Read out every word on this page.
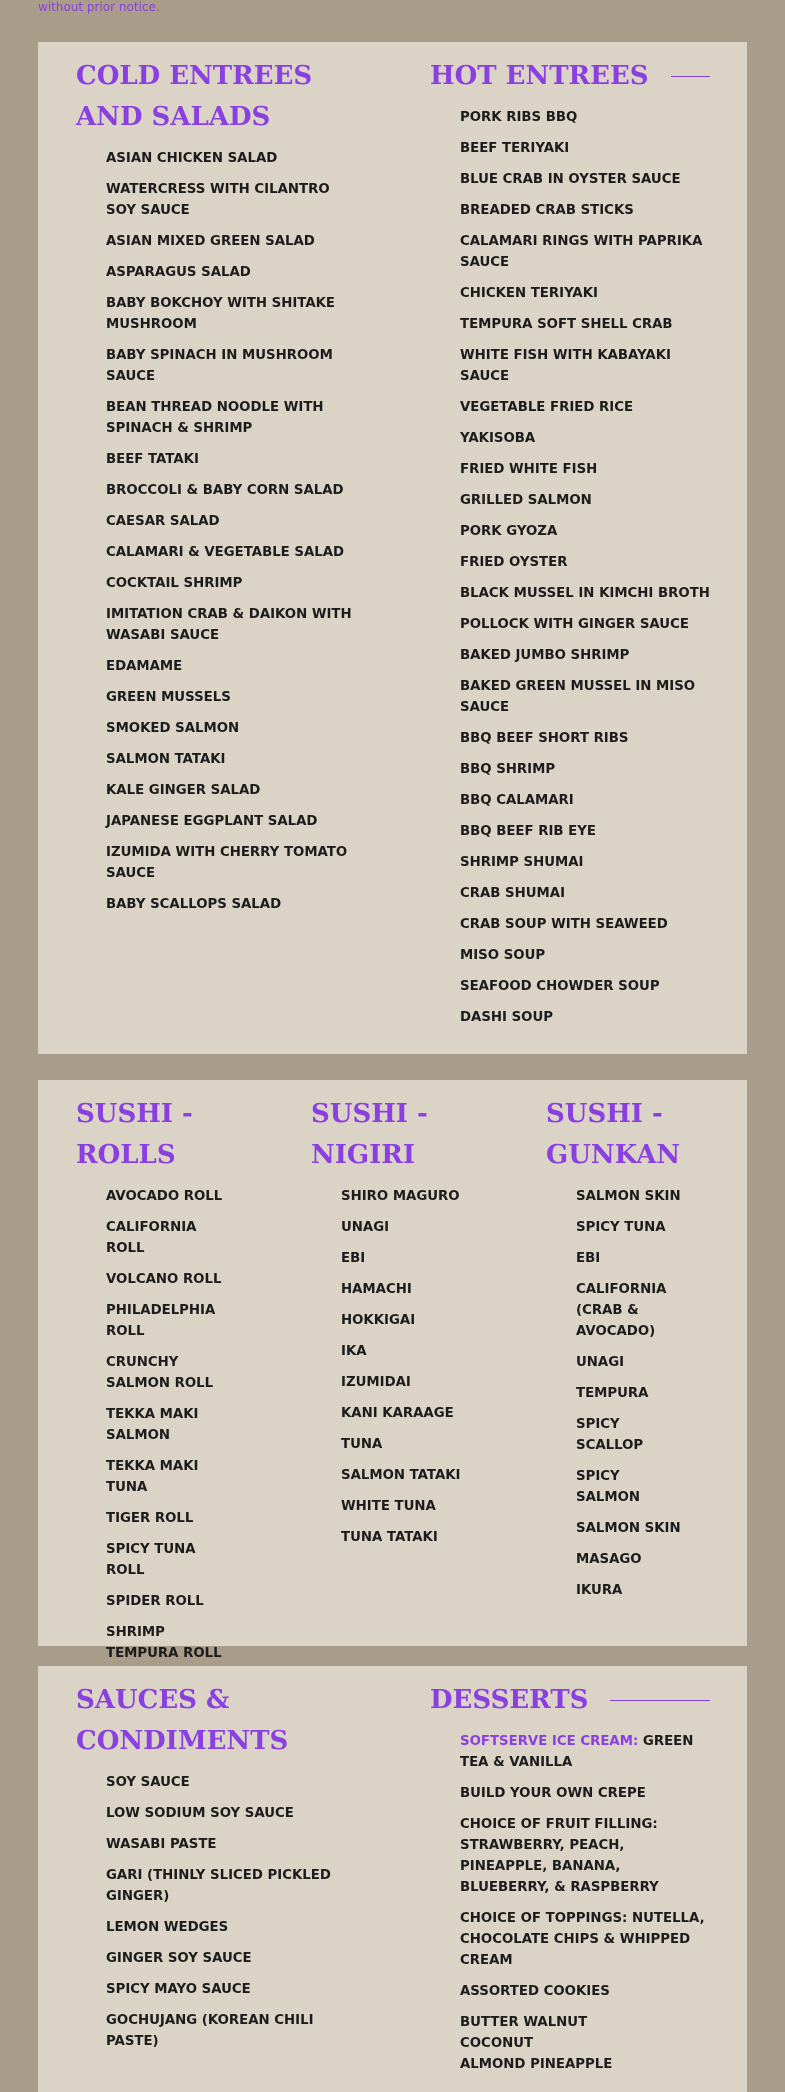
without prior notice.
COLD ENTREES AND SALADS
ASIAN CHICKEN SALAD
WATERCRESS WITH CILANTRO SOY SAUCE
ASIAN MIXED GREEN SALAD
ASPARAGUS SALAD
BABY BOKCHOY WITH SHITAKE MUSHROOM
BABY SPINACH IN MUSHROOM SAUCE
BEAN THREAD NOODLE WITH SPINACH & SHRIMP
BEEF TATAKI
BROCCOLI & BABY CORN SALAD
CAESAR SALAD
CALAMARI & VEGETABLE SALAD
COCKTAIL SHRIMP
IMITATION CRAB & DAIKON WITH WASABI SAUCE
EDAMAME
GREEN MUSSELS
SMOKED SALMON
SALMON TATAKI
KALE GINGER SALAD
JAPANESE EGGPLANT SALAD
IZUMIDA WITH CHERRY TOMATO SAUCE
BABY SCALLOPS SALAD
HOT ENTREES
PORK RIBS BBQ
BEEF TERIYAKI
BLUE CRAB IN OYSTER SAUCE
BREADED CRAB STICKS
CALAMARI RINGS WITH PAPRIKA SAUCE
CHICKEN TERIYAKI
TEMPURA SOFT SHELL CRAB
WHITE FISH WITH KABAYAKI SAUCE
VEGETABLE FRIED RICE
YAKISOBA
FRIED WHITE FISH
GRILLED SALMON
PORK GYOZA
FRIED OYSTER
BLACK MUSSEL IN KIMCHI BROTH
POLLOCK WITH GINGER SAUCE
BAKED JUMBO SHRIMP
BAKED GREEN MUSSEL IN MISO SAUCE
BBQ BEEF SHORT RIBS
BBQ SHRIMP
BBQ CALAMARI
BBQ BEEF RIB EYE
SHRIMP SHUMAI
CRAB SHUMAI
CRAB SOUP WITH SEAWEED
MISO SOUP
SEAFOOD CHOWDER SOUP
DASHI SOUP
SUSHI - ROLLS
AVOCADO ROLL
CALIFORNIA ROLL
VOLCANO ROLL
PHILADELPHIA ROLL
CRUNCHY SALMON ROLL
TEKKA MAKI SALMON
TEKKA MAKI TUNA
TIGER ROLL
SPICY TUNA ROLL
SPIDER ROLL
SHRIMP TEMPURA ROLL
SUSHI - NIGIRI
SHIRO MAGURO
UNAGI
EBI
HAMACHI
HOKKIGAI
IKA
IZUMIDAI
KANI KARAAGE
TUNA
SALMON TATAKI
WHITE TUNA
TUNA TATAKI
SUSHI - GUNKAN
SALMON SKIN
SPICY TUNA
EBI
CALIFORNIA (CRAB & AVOCADO)
UNAGI
TEMPURA
SPICY SCALLOP
SPICY SALMON
SALMON SKIN
MASAGO
IKURA
SAUCES & CONDIMENTS
SOY SAUCE
LOW SODIUM SOY SAUCE
WASABI PASTE
GARI (THINLY SLICED PICKLED GINGER)
LEMON WEDGES
GINGER SOY SAUCE
SPICY MAYO SAUCE
GOCHUJANG (KOREAN CHILI PASTE)
DESSERTS
SOFTSERVE ICE CREAM: GREEN TEA & VANILLA
BUILD YOUR OWN CREPE
CHOICE OF FRUIT FILLING: STRAWBERRY, PEACH, PINEAPPLE, BANANA, BLUEBERRY, & RASPBERRY
CHOICE OF TOPPINGS: NUTELLA, CHOCOLATE CHIPS & WHIPPED CREAM
ASSORTED COOKIES
BUTTER WALNUT
COCONUT
ALMOND PINEAPPLE
